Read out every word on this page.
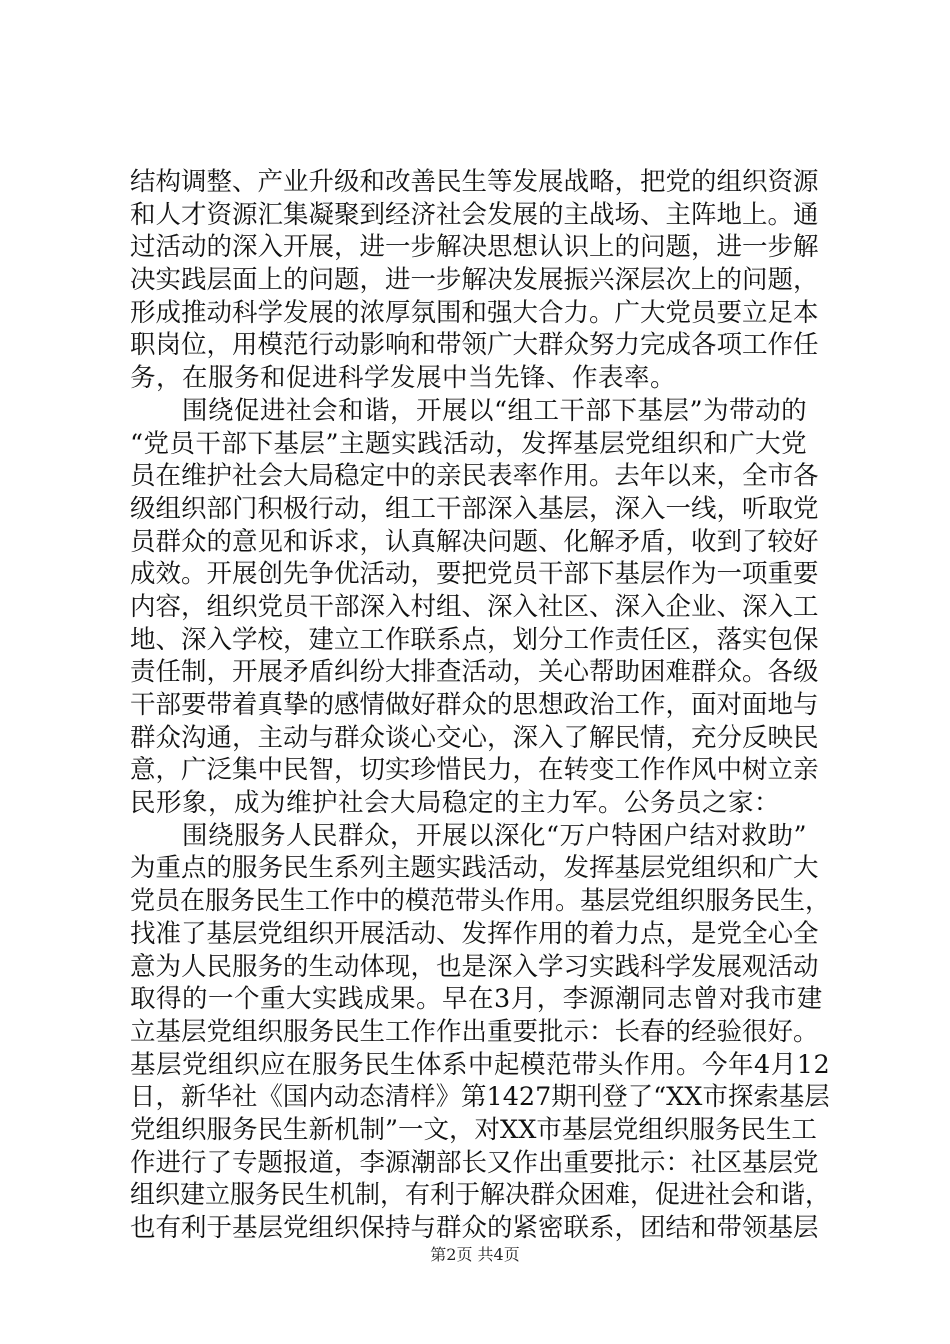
结构调整、产业升级和改善民生等发展战略，把党的组织资源
和人才资源汇集凝聚到经济社会发展的主战场、主阵地上。通
过活动的深入开展，进一步解决思想认识上的问题，进一步解
决实践层面上的问题，进一步解决发展振兴深层次上的问题，
形成推动科学发展的浓厚氛围和强大合力。广大党员要立足本
职岗位，用模范行动影响和带领广大群众努力完成各项工作任
务，在服务和促进科学发展中当先锋、作表率。
　　围绕促进社会和谐，开展以“组工干部下基层”为带动的
“党员干部下基层”主题实践活动，发挥基层党组织和广大党
员在维护社会大局稳定中的亲民表率作用。去年以来，全市各
级组织部门积极行动，组工干部深入基层，深入一线，听取党
员群众的意见和诉求，认真解决问题、化解矛盾，收到了较好
成效。开展创先争优活动，要把党员干部下基层作为一项重要
内容，组织党员干部深入村组、深入社区、深入企业、深入工
地、深入学校，建立工作联系点，划分工作责任区，落实包保
责任制，开展矛盾纠纷大排查活动，关心帮助困难群众。各级
干部要带着真挚的感情做好群众的思想政治工作，面对面地与
群众沟通，主动与群众谈心交心，深入了解民情，充分反映民
意，广泛集中民智，切实珍惜民力，在转变工作作风中树立亲
民形象，成为维护社会大局稳定的主力军。公务员之家：
　　围绕服务人民群众，开展以深化“万户特困户结对救助”
为重点的服务民生系列主题实践活动，发挥基层党组织和广大
党员在服务民生工作中的模范带头作用。基层党组织服务民生，
找准了基层党组织开展活动、发挥作用的着力点，是党全心全
意为人民服务的生动体现，也是深入学习实践科学发展观活动
取得的一个重大实践成果。早在3月，李源潮同志曾对我市建
立基层党组织服务民生工作作出重要批示：长春的经验很好。
基层党组织应在服务民生体系中起模范带头作用。今年4月12
日，新华社《国内动态清样》第1427期刊登了“XX市探索基层
党组织服务民生新机制”一文，对XX市基层党组织服务民生工
作进行了专题报道，李源潮部长又作出重要批示：社区基层党
组织建立服务民生机制，有利于解决群众困难，促进社会和谐，
也有利于基层党组织保持与群众的紧密联系，团结和带领基层
第2页 共4页
